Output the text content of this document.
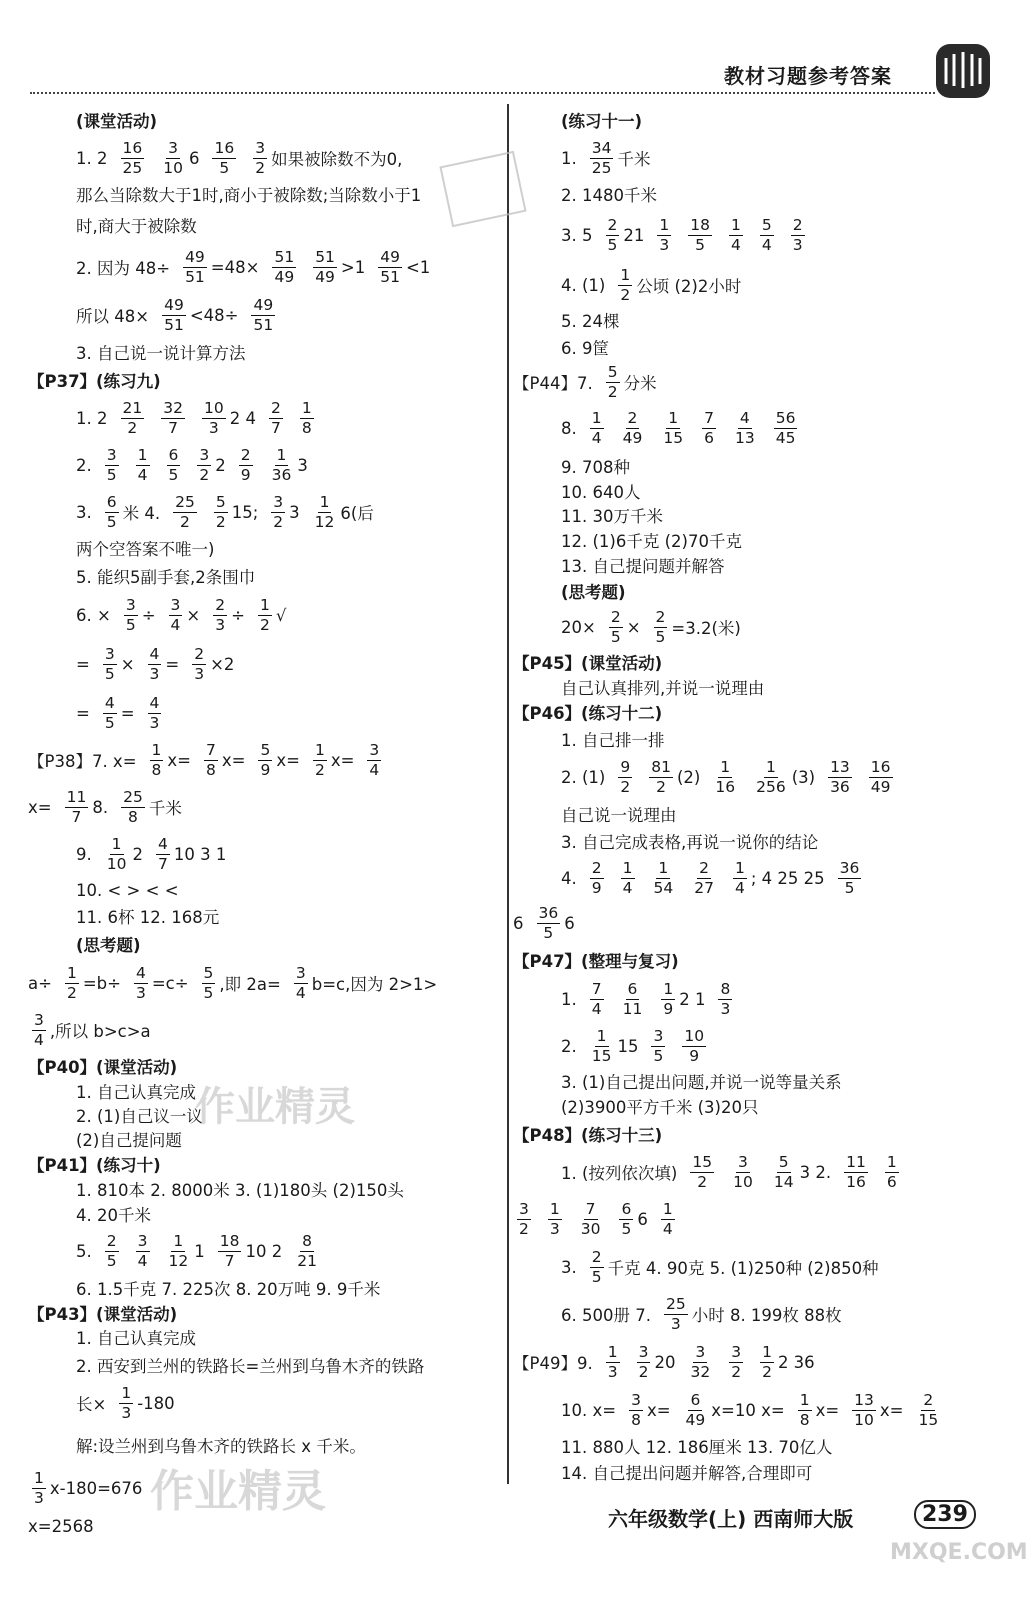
教材习题参考答案
(课堂活动)
1. 2
16
25
3
10 6
16
5
3
2 如果被除数不为0,
那么当除数大于1时,商小于被除数;当除数小于1
时,商大于被除数
2. 因为 $48\div \frac{49}{51} =48\times \frac{51}{49} 51$
49 >1
49
51 <1
所以 $48\times \frac{49}{51} <48\div \frac{49}{51}$
3. 自己说一说计算方法
【P37】(练习九)
1. 2
21
2
32
7
10
3 2 4
2
7
1
8
2.
3
5
1
4
6
5
3
2 2
2
9
1
36 3
3.
6
5 米 4.
25
2
5
2 15;
3
2 3
1
12 6(后
两个空答案不唯一)
5. 能织5副手套,2条围巾
6. × $\frac{3}{5} \div \frac{3}{4} \times \frac{2}{3} \div \frac{1}{2}$ √
= $\frac{3}{5} \times \frac{4}{3} = \frac{2}{3} \times 2$
= $\frac{4}{5} = \frac{4}{3}$
【P38】7. $x= \frac{1}{8} x= \frac{7}{8} x= \frac{5}{9} x= \frac{1}{2} x= \frac{3}{4}$
$x= \frac{11}{7} 8$.
25
8 千米
9.
1
10 2
4
7 10 3 1
10. < > < <
11. 6杯 12. 168元
(思考题)
$a\div \frac{1}{2} =b\div \frac{4}{3} =c\div \frac{5}{5}$ ,即 $2a= \frac{3}{4} b=c$,因为 2>1>
3
4 ,所以 b>c>a
【P40】(课堂活动)
1. 自己认真完成
2. (1)自己议一议
(2)自己提问题
【P41】(练习十)
1. 810本 2. 8000米 3. (1)180头 (2)150头
4. 20千米
5.
2
5
3
4
1
12 1
18
7 10 2
8
21
6. 1.5千克 7. 225次 8. 20万吨 9. 9千米
【P43】(课堂活动)
1. 自己认真完成
2. 西安到兰州的铁路长=兰州到乌鲁木齐的铁路
长× $\frac{1}{3} -180$
解:设兰州到乌鲁木齐的铁路长 x 千米。
1
3 x-180=676
x=2568
(练习十一)
1.
34
25 千米
2. 1480千米
3. 5
2
5 21
1
3
18
5
1
4
5
4
2
3
4. (1)
1
2 公顷 (2)2小时
5. 24棵
6. 9筐
【P44】7.
5
2 分米
8.
1
4
2
49
1
15
7
6
4
13
56
45
9. 708种
10. 640人
11. 30万千米
12. (1)6千克 (2)70千克
13. 自己提问题并解答
(思考题)
$20\times \frac{2}{5} \times \frac{2}{5} =3.2$(米)
【P45】(课堂活动)
自己认真排列,并说一说理由
【P46】(练习十二)
1. 自己排一排
2. (1)
9
2
81
2 (2)
1
16
1
256 (3)
13
36
16
49
自己说一说理由
3. 自己完成表格,再说一说你的结论
4.
2
9
1
4
1
54
2
27
1
4 ; 4 25 25
36
5
6
36
5 6
【P47】(整理与复习)
1.
7
4
6
11
1
9 2 1
8
3
2.
1
15 15
3
5
10
9
3. (1)自己提出问题,并说一说等量关系
(2)3900平方千米 (3)20只
【P48】(练习十三)
1. (按列依次填)
15
2
3
10
5
14 3 2.
11
16
1
6
3
2
1
3
7
30
6
5 6
1
4
3.
2
5 千克 4. 90克 5. (1)250种 (2)850种
6. 500册 7.
25
3 小时 8. 199枚 88枚
【P49】9.
1
3
3
2 20
3
32
3
2
1
2 2 36
10. $x= \frac{3}{8} x= \frac{6}{49} x=10$ $x= \frac{1}{8} x= \frac{13}{10} x= \frac{2}{15}$
11. 880人 12. 186厘米 13. 70亿人
14. 自己提出问题并解答,合理即可
作业精灵
作业精灵
MXQE.COM
六年级数学(上) 西南师大版	239
